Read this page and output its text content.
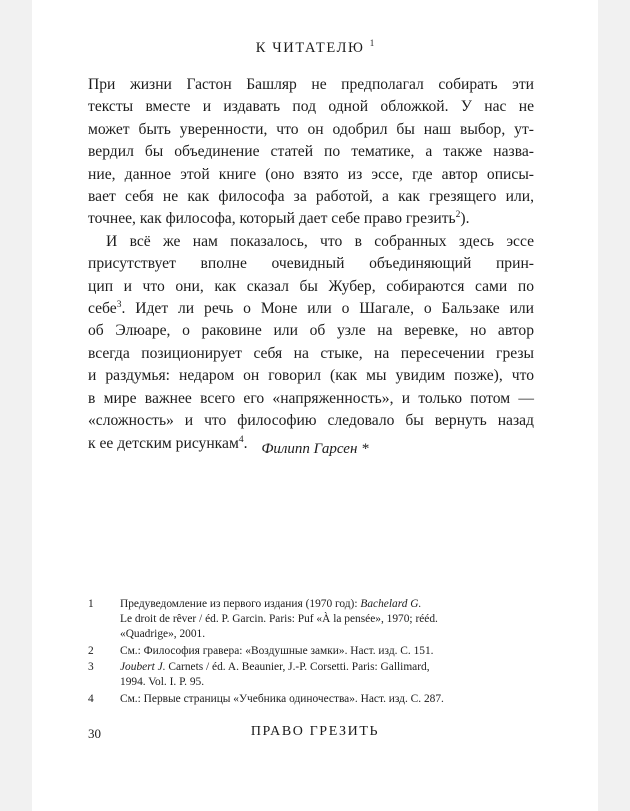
К ЧИТАТЕЛЮ $^1$
При жизни Гастон Башляр не предполагал собирать эти
тексты вместе и издавать под одной обложкой. У нас не
может быть уверенности, что он одобрил бы наш выбор, ут-
вердил бы объединение статей по тематике, а также назва-
ние, данное этой книге (оно взято из эссе, где автор описы-
вает себя не как философа за работой, а как грезящего или,
точнее, как философа, который дает себе право грезить$^2$).
И всё же нам показалось, что в собранных здесь эссе
присутствует вполне очевидный объединяющий прин-
цип и что они, как сказал бы Жубер, собираются сами по
себе$^3$. Идет ли речь о Моне или о Шагале, о Бальзаке или
об Элюаре, о раковине или об узле на веревке, но автор
всегда позиционирует себя на стыке, на пересечении грезы
и раздумья: недаром он говорил (как мы увидим позже), что
в мире важнее всего его «напряженность», и только потом —
«сложность» и что философию следовало бы вернуть назад
к ее детским рисункам$^4$. Филипп Гарсен *
1 Предуведомление из первого издания (1970 год): Bachelard G.
Le droit de rêver / éd. P. Garcin. Paris: Puf «À la pensée», 1970; rééd.
«Quadrige», 2001.
2 См.: Философия гравера: «Воздушные замки». Наст. изд. С. 151.
3 Joubert J. Carnets / éd. A. Beaunier, J.-P. Corsetti. Paris: Gallimard,
1994. Vol. I. P. 95.
4 См.: Первые страницы «Учебника одиночества». Наст. изд. С. 287.
30	ПРАВО ГРЕЗИТЬ
